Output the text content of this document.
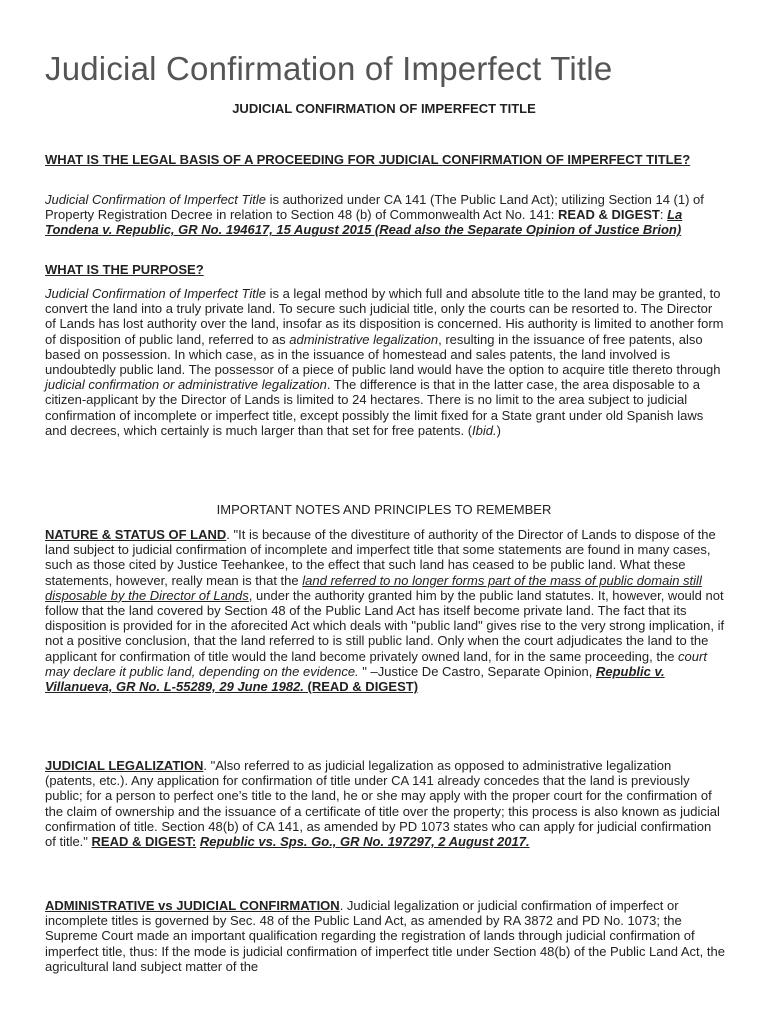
Judicial Confirmation of Imperfect Title

JUDICIAL CONFIRMATION OF IMPERFECT TITLE

WHAT IS THE LEGAL BASIS OF A PROCEEDING FOR JUDICIAL CONFIRMATION OF IMPERFECT TITLE?

Judicial Confirmation of Imperfect Title is authorized under CA 141 (The Public Land Act); utilizing Section 14 (1) of Property Registration Decree in relation to Section 48 (b) of Commonwealth Act No. 141: READ & DIGEST: La Tondena v. Republic, GR No. 194617, 15 August 2015 (Read also the Separate Opinion of Justice Brion)

WHAT IS THE PURPOSE?

Judicial Confirmation of Imperfect Title is a legal method by which full and absolute title to the land may be granted, to convert the land into a truly private land. To secure such judicial title, only the courts can be resorted to. The Director of Lands has lost authority over the land, insofar as its disposition is concerned. His authority is limited to another form of disposition of public land, referred to as administrative legalization, resulting in the issuance of free patents, also based on possession. In which case, as in the issuance of homestead and sales patents, the land involved is undoubtedly public land. The possessor of a piece of public land would have the option to acquire title thereto through judicial confirmation or administrative legalization. The difference is that in the latter case, the area disposable to a citizen-applicant by the Director of Lands is limited to 24 hectares. There is no limit to the area subject to judicial confirmation of incomplete or imperfect title, except possibly the limit fixed for a State grant under old Spanish laws and decrees, which certainly is much larger than that set for free patents. (Ibid.)

IMPORTANT NOTES AND PRINCIPLES TO REMEMBER

NATURE & STATUS OF LAND. "It is because of the divestiture of authority of the Director of Lands to dispose of the land subject to judicial confirmation of incomplete and imperfect title that some statements are found in many cases, such as those cited by Justice Teehankee, to the effect that such land has ceased to be public land. What these statements, however, really mean is that the land referred to no longer forms part of the mass of public domain still disposable by the Director of Lands, under the authority granted him by the public land statutes. It, however, would not follow that the land covered by Section 48 of the Public Land Act has itself become private land. The fact that its disposition is provided for in the aforecited Act which deals with "public land" gives rise to the very strong implication, if not a positive conclusion, that the land referred to is still public land. Only when the court adjudicates the land to the applicant for confirmation of title would the land become privately owned land, for in the same proceeding, the court may declare it public land, depending on the evidence. " –Justice De Castro, Separate Opinion, Republic v. Villanueva, GR No. L-55289, 29 June 1982. (READ & DIGEST)

JUDICIAL LEGALIZATION. "Also referred to as judicial legalization as opposed to administrative legalization (patents, etc.). Any application for confirmation of title under CA 141 already concedes that the land is previously public; for a person to perfect one’s title to the land, he or she may apply with the proper court for the confirmation of the claim of ownership and the issuance of a certificate of title over the property; this process is also known as judicial confirmation of title. Section 48(b) of CA 141, as amended by PD 1073 states who can apply for judicial confirmation of title." READ & DIGEST: Republic vs. Sps. Go., GR No. 197297, 2 August 2017.

ADMINISTRATIVE vs JUDICIAL CONFIRMATION. Judicial legalization or judicial confirmation of imperfect or incomplete titles is governed by Sec. 48 of the Public Land Act, as amended by RA 3872 and PD No. 1073; the Supreme Court made an important qualification regarding the registration of lands through judicial confirmation of imperfect title, thus: If the mode is judicial confirmation of imperfect title under Section 48(b) of the Public Land Act, the agricultural land subject matter of the
